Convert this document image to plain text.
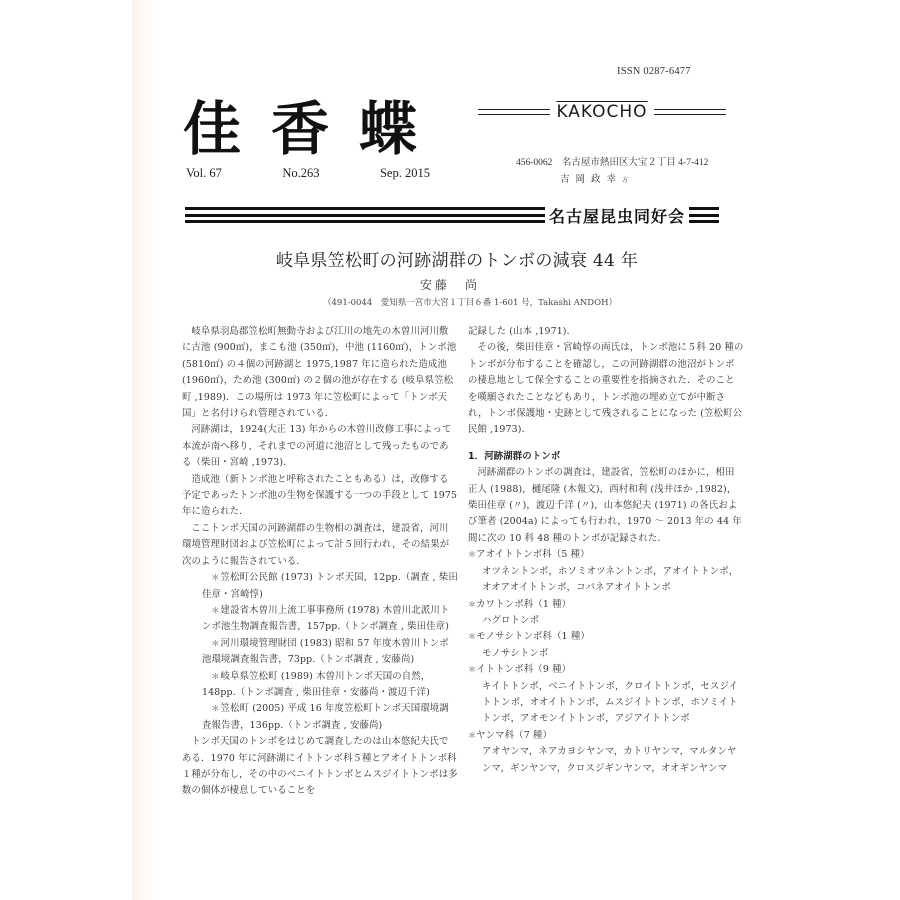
ISSN 0287-6477
佳 香 蝶
Vol. 67	No.263	Sep. 2015
KAKOCHO
456-0062　名古屋市熱田区大宝２丁目 4-7-412
吉岡政幸方
名古屋昆虫同好会
岐阜県笠松町の河跡湖群のトンボの減衰 44 年
安藤　尚
（491-0044　愛知県一宮市大宮１丁目６番 1-601 号，Takashi ANDOH）

岐阜県羽島郡笠松町無動寺および江川の地先の木曽川河川敷に古池 (900㎡)，まこも池 (350㎡)，中池 (1160㎡)，トンボ池 (5810㎡) の４個の河跡湖と 1975,1987 年に造られた造成池 (1960㎡)，ため池 (300㎡) の２個の池が存在する (岐阜県笠松町 ,1989)．この場所は 1973 年に笠松町によって「トンボ天国」と名付けられ管理されている．

河跡湖は，1924(大正 13) 年からの木曽川改修工事によって本流が南へ移り，それまでの河道に池沼として残ったものである（柴田・宮崎 ,1973)．

造成池（新トンボ池と呼称されたこともある）は，改修する予定であったトンボ池の生物を保護する一つの手段として 1975 年に造られた．

ここトンボ天国の河跡湖群の生物相の調査は，建設省，河川環境管理財団および笠松町によって計５回行われ，その結果が次のように報告されている．

＊ 笠松町公民館 (1973) トンボ天国，12pp.（調査 , 柴田佳章・宮崎惇)

＊ 建設省木曽川上流工事事務所 (1978) 木曽川北派川トンボ池生物調査報告書，157pp.（トンボ調査 , 柴田佳章)

＊ 河川環境管理財団 (1983) 昭和 57 年度木曽川トンボ池環境調査報告書，73pp.（トンボ調査 , 安藤尚)

＊ 岐阜県笠松町 (1989) 木曽川トンボ天国の自然，148pp.（トンボ調査 , 柴田佳章・安藤尚・渡辺千洋)

＊ 笠松町 (2005) 平成 16 年度笠松町トンボ天国環境調査報告書，136pp.（トンボ調査 , 安藤尚)

トンボ天国のトンボをはじめて調査したのは山本悠紀夫氏である．1970 年に河跡湖にイトトンボ科５種とアオイトトンボ科１種が分布し，その中のベニイトトンボとムスジイトトンボは多数の個体が棲息していることを

記録した (山本 ,1971)．

その後，柴田佳章・宮崎惇の両氏は，トンボ池に５科 20 種のトンボが分布することを確認し，この河跡湖群の池沼がトンボの棲息地として保全することの重要性を指摘された．そのことを嘆願されたことなどもあり，トンボ池の埋め立てが中断され，トンボ保護地・史跡として残されることになった (笠松町公民館 ,1973)．

1．河跡湖群のトンボ

河跡湖群のトンボの調査は，建設省，笠松町のほかに，相田正人 (1988)，樋尾隆 (木報文)，西村和利 (浅井ほか ,1982)，柴田佳章 (〃)，渡辺千洋 (〃)，山本悠紀夫 (1971) の各氏および筆者 (2004a) によっても行われ，1970 ～ 2013 年の 44 年間に次の 10 科 48 種のトンボが記録された．

＊ アオイトトンボ科（5 種）
オツネントンボ，ホソミオツネントンボ，アオイトトンボ，オオアオイトトンボ，コバネアオイトトンボ
＊ カワトンボ科（1 種）
ハグロトンボ
＊ モノサシトンボ科（1 種）
モノサシトンボ
＊ イトトンボ科（9 種）
キイトトンボ，ベニイトトンボ，クロイトトンボ，セスジイトトンボ，オオイトトンボ，ムスジイトトンボ，ホソミイトトンボ，アオモンイトトンボ，アジアイトトンボ
＊ ヤンマ科（7 種）
アオヤンマ，ネアカヨシヤンマ，カトリヤンマ，マルタンヤンマ，ギンヤンマ，クロスジギンヤンマ，オオギンヤンマ
